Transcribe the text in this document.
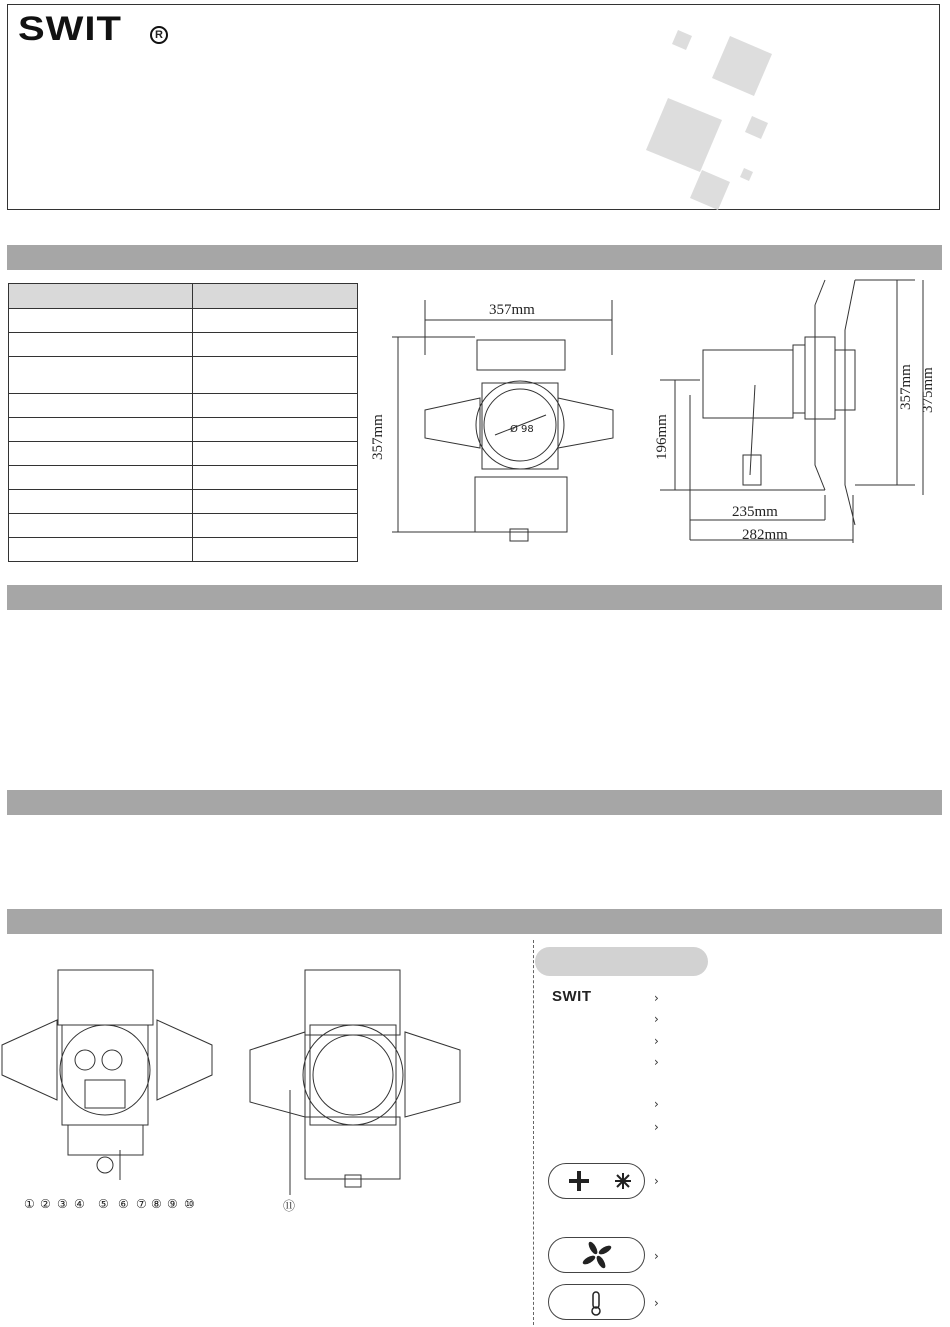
SWIT	R

357mm
357mm	Ø 98
357mm 375mm
196mm
235mm
282mm
① ② ③ ④ ⑤ ⑥ ⑦ ⑧ ⑨ ⑩	⑪
SWIT	›
›
›
›
›
›
›
›
›
